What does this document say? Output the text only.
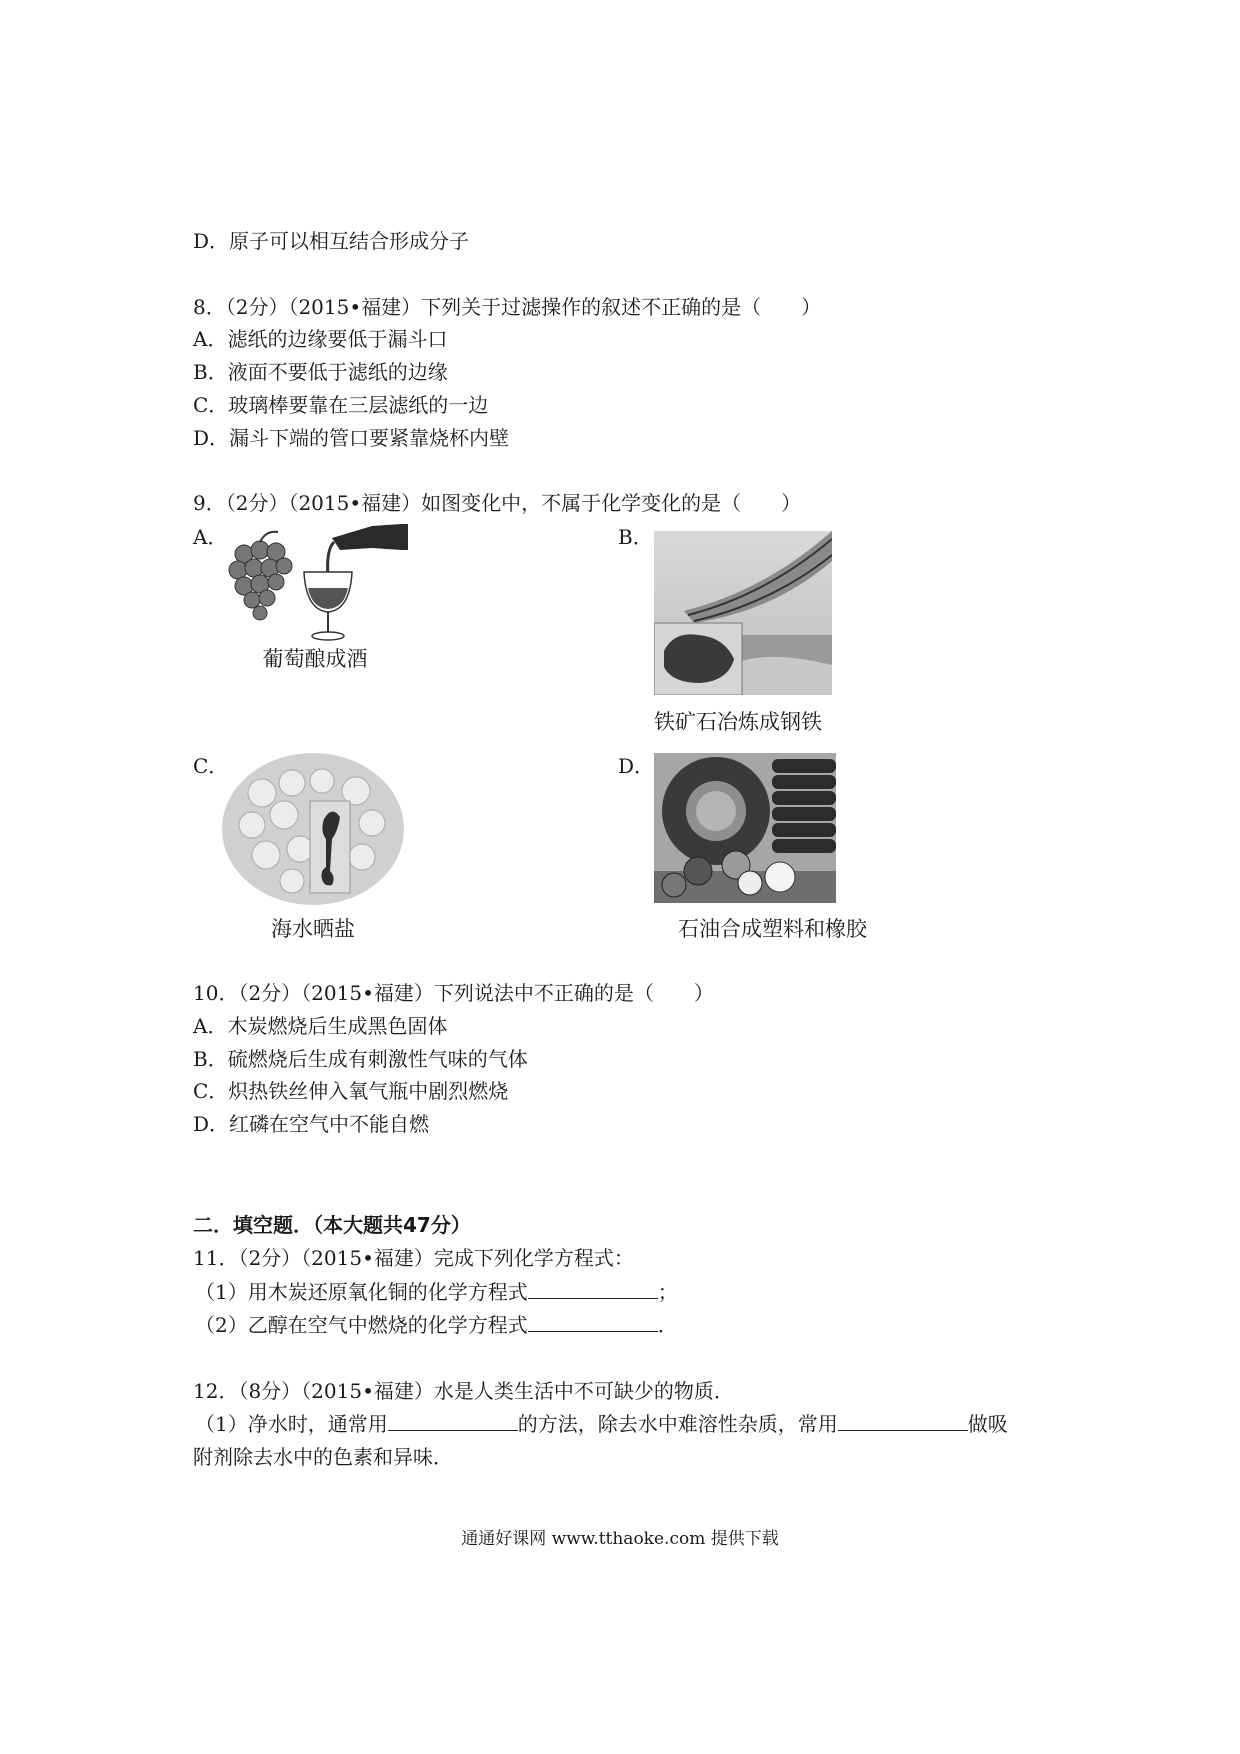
D．原子可以相互结合形成分子
8．（2分）（2015•福建）下列关于过滤操作的叙述不正确的是（　　）
A．滤纸的边缘要低于漏斗口
B．液面不要低于滤纸的边缘
C．玻璃棒要靠在三层滤纸的一边
D．漏斗下端的管口要紧靠烧杯内壁
9．（2分）（2015•福建）如图变化中，不属于化学变化的是（　　）
A．
葡萄酿成酒
B．
铁矿石冶炼成钢铁
C．
海水晒盐
D．
石油合成塑料和橡胶
10．（2分）（2015•福建）下列说法中不正确的是（　　）
A．木炭燃烧后生成黑色固体
B．硫燃烧后生成有刺激性气味的气体
C．炽热铁丝伸入氧气瓶中剧烈燃烧
D．红磷在空气中不能自燃
二．填空题．（本大题共47分）
11．（2分）（2015•福建）完成下列化学方程式：
（1）用木炭还原氧化铜的化学方程式	；
（2）乙醇在空气中燃烧的化学方程式	．
12．（8分）（2015•福建）水是人类生活中不可缺少的物质．
（1）净水时，通常用	的方法，除去水中难溶性杂质，常用	做吸
附剂除去水中的色素和异味．
通通好课网 www.tthaoke.com 提供下载
